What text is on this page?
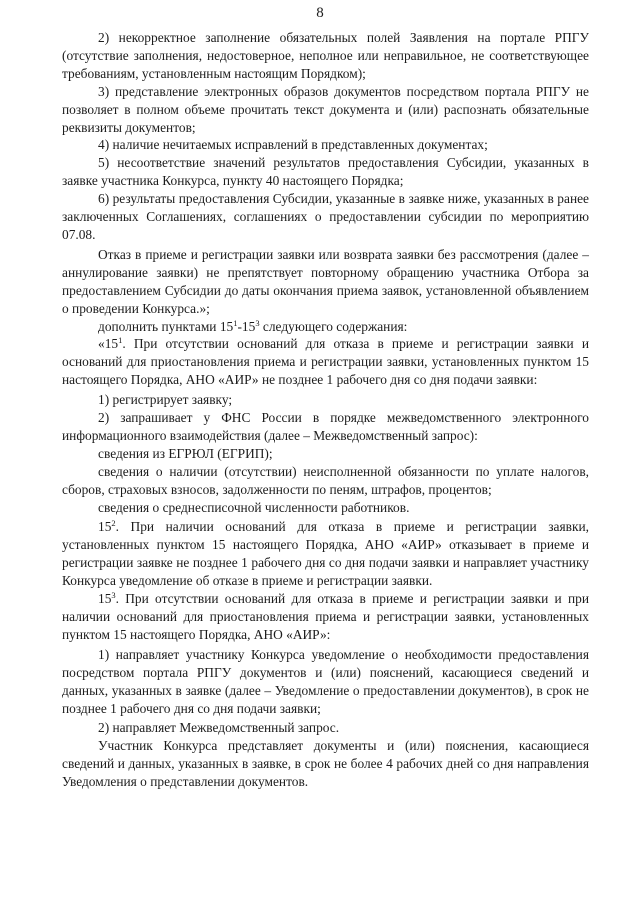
8

2) некорректное заполнение обязательных полей Заявления на портале РПГУ (отсутствие заполнения, недостоверное, неполное или неправильное, не соответствующее требованиям, установленным настоящим Порядком);

3) представление электронных образов документов посредством портала РПГУ не позволяет в полном объеме прочитать текст документа и (или) распознать обязательные реквизиты документов;

4) наличие нечитаемых исправлений в представленных документах;

5) несоответствие значений результатов предоставления Субсидии, указанных в заявке участника Конкурса, пункту 40 настоящего Порядка;

6) результаты предоставления Субсидии, указанные в заявке ниже, указанных в ранее заключенных Соглашениях, соглашениях о предоставлении субсидии по мероприятию 07.08.

Отказ в приеме и регистрации заявки или возврата заявки без рассмотрения (далее – аннулирование заявки) не препятствует повторному обращению участника Отбора за предоставлением Субсидии до даты окончания приема заявок, установленной объявлением о проведении Конкурса.»;

дополнить пунктами $15^1-15^3$ следующего содержания:

«$15^1$. При отсутствии оснований для отказа в приеме и регистрации заявки и оснований для приостановления приема и регистрации заявки, установленных пунктом 15 настоящего Порядка, АНО «АИР» не позднее 1 рабочего дня со дня подачи заявки:

1) регистрирует заявку;

2) запрашивает у ФНС России в порядке межведомственного электронного информационного взаимодействия (далее – Межведомственный запрос):

сведения из ЕГРЮЛ (ЕГРИП);

сведения о наличии (отсутствии) неисполненной обязанности по уплате налогов, сборов, страховых взносов, задолженности по пеням, штрафов, процентов;

сведения о среднесписочной численности работников.

$15^2$. При наличии оснований для отказа в приеме и регистрации заявки, установленных пунктом 15 настоящего Порядка, АНО «АИР» отказывает в приеме и регистрации заявке не позднее 1 рабочего дня со дня подачи заявки и направляет участнику Конкурса уведомление об отказе в приеме и регистрации заявки.

$15^3$. При отсутствии оснований для отказа в приеме и регистрации заявки и при наличии оснований для приостановления приема и регистрации заявки, установленных пунктом 15 настоящего Порядка, АНО «АИР»:

1) направляет участнику Конкурса уведомление о необходимости предоставления посредством портала РПГУ документов и (или) пояснений, касающиеся сведений и данных, указанных в заявке (далее – Уведомление о предоставлении документов), в срок не позднее 1 рабочего дня со дня подачи заявки;

2) направляет Межведомственный запрос.

Участник Конкурса представляет документы и (или) пояснения, касающиеся сведений и данных, указанных в заявке, в срок не более 4 рабочих дней со дня направления Уведомления о представлении документов.
